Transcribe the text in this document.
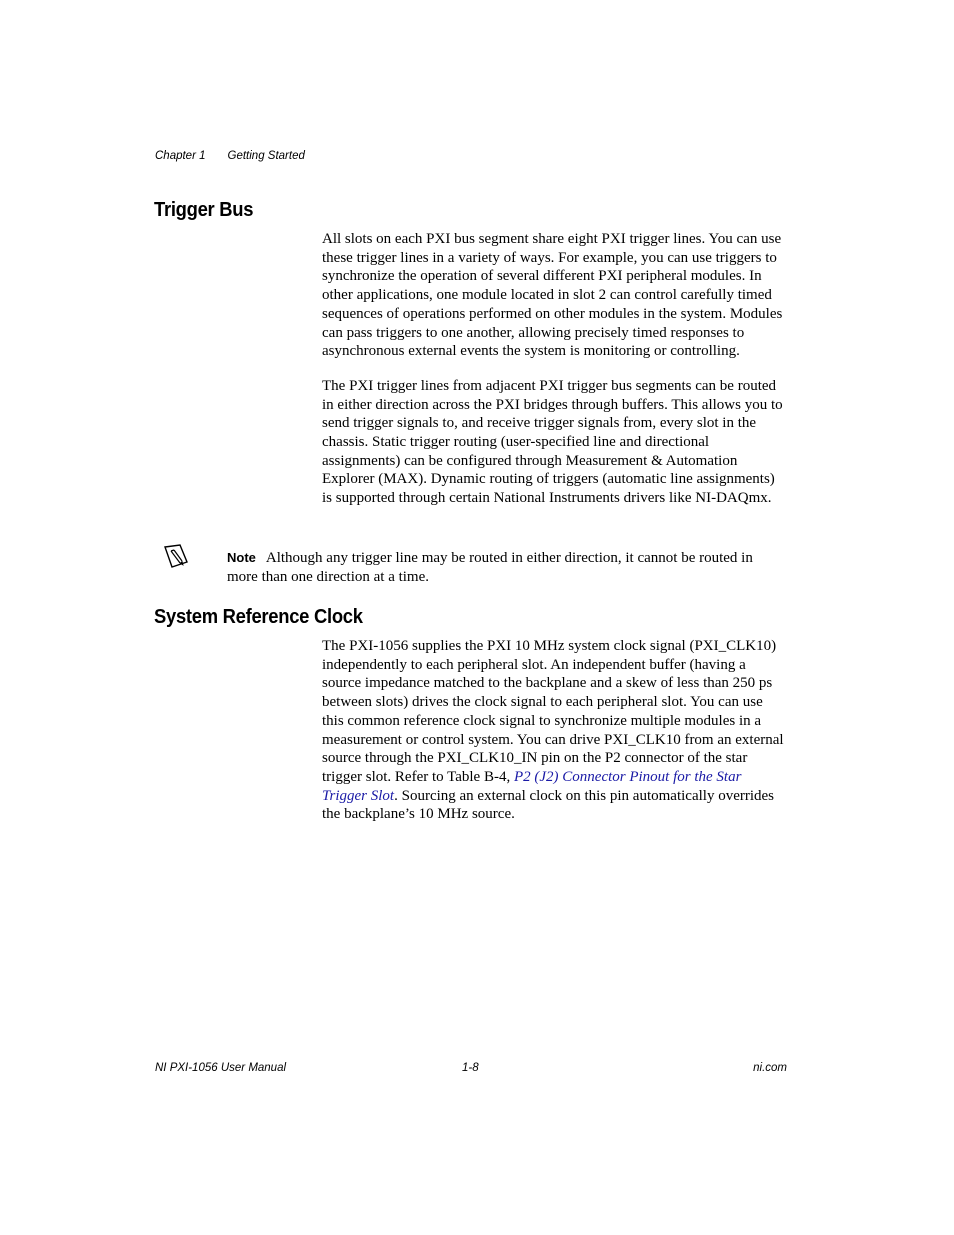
Chapter 1 Getting Started
Trigger Bus

All slots on each PXI bus segment share eight PXI trigger lines. You can use these trigger lines in a variety of ways. For example, you can use triggers to synchronize the operation of several different PXI peripheral modules. In other applications, one module located in slot 2 can control carefully timed sequences of operations performed on other modules in the system. Modules can pass triggers to one another, allowing precisely timed responses to asynchronous external events the system is monitoring or controlling.

The PXI trigger lines from adjacent PXI trigger bus segments can be routed in either direction across the PXI bridges through buffers. This allows you to send trigger signals to, and receive trigger signals from, every slot in the chassis. Static trigger routing (user-specified line and directional assignments) can be configured through Measurement & Automation Explorer (MAX). Dynamic routing of triggers (automatic line assignments) is supported through certain National Instruments drivers like NI-DAQmx.

Note Although any trigger line may be routed in either direction, it cannot be routed in more than one direction at a time.
System Reference Clock

The PXI-1056 supplies the PXI 10 MHz system clock signal (PXI_CLK10) independently to each peripheral slot. An independent buffer (having a source impedance matched to the backplane and a skew of less than 250 ps between slots) drives the clock signal to each peripheral slot. You can use this common reference clock signal to synchronize multiple modules in a measurement or control system. You can drive PXI_CLK10 from an external source through the PXI_CLK10_IN pin on the P2 connector of the star trigger slot. Refer to Table B-4, P2 (J2) Connector Pinout for the Star Trigger Slot. Sourcing an external clock on this pin automatically overrides the backplane’s 10 MHz source.

NI PXI-1056 User Manual	1-8	ni.com
